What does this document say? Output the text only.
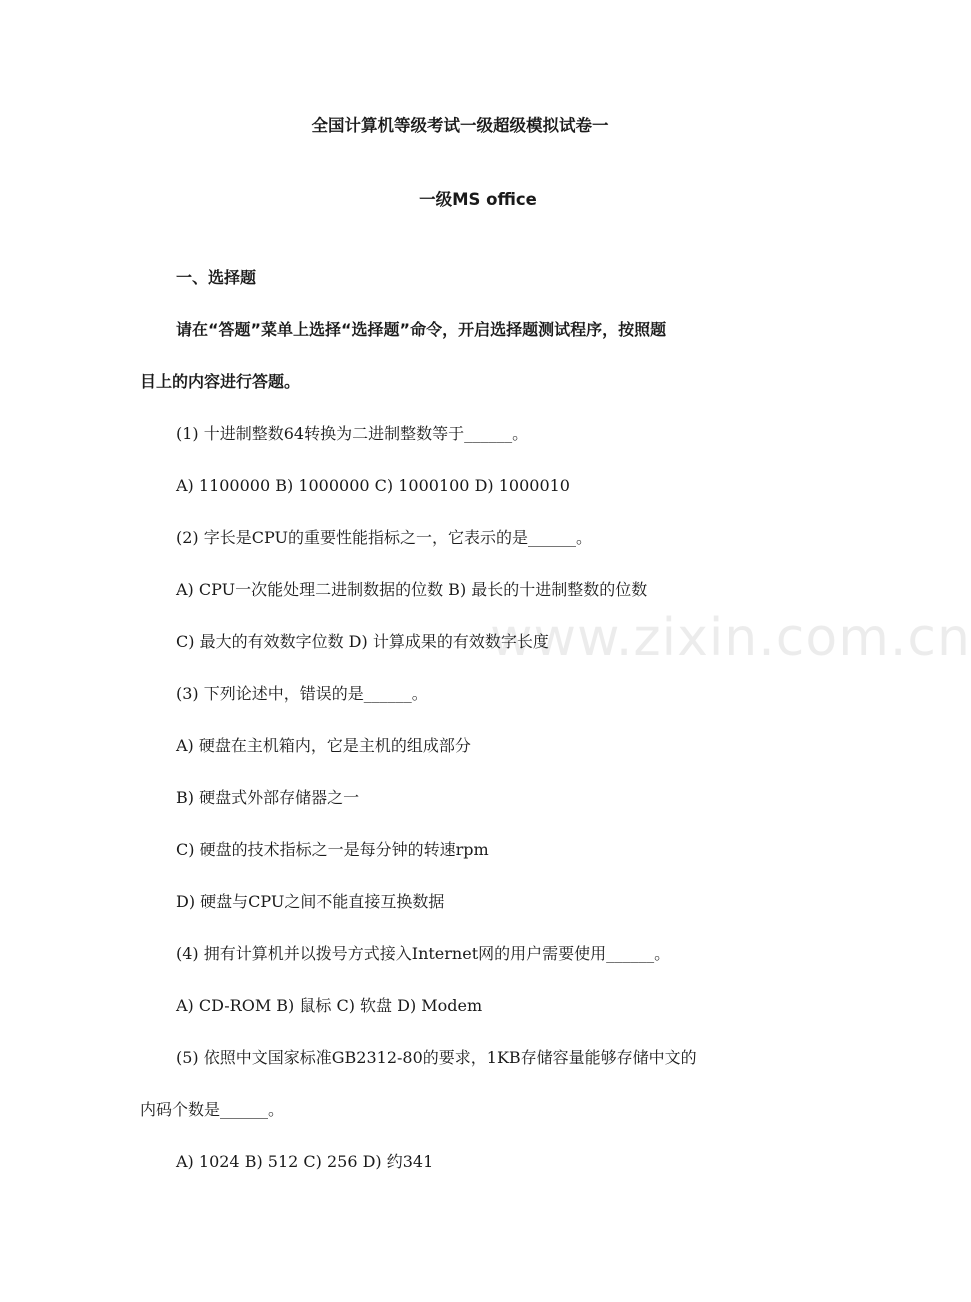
www.zixin.com.cn
全国计算机等级考试一级超级模拟试卷一
一级MS office
一、选择题
请在“答题”菜单上选择“选择题”命令，开启选择题测试程序，按照题
目上的内容进行答题。
(1) 十进制整数64转换为二进制整数等于______。
A) 1100000 B) 1000000 C) 1000100 D) 1000010
(2) 字长是CPU的重要性能指标之一，它表示的是______。
A) CPU一次能处理二进制数据的位数 B) 最长的十进制整数的位数
C) 最大的有效数字位数 D) 计算成果的有效数字长度
(3) 下列论述中，错误的是______。
A) 硬盘在主机箱内，它是主机的组成部分
B) 硬盘式外部存储器之一
C) 硬盘的技术指标之一是每分钟的转速rpm
D) 硬盘与CPU之间不能直接互换数据
(4) 拥有计算机并以拨号方式接入Internet网的用户需要使用______。
A) CD-ROM B) 鼠标 C) 软盘 D) Modem
(5) 依照中文国家标准GB2312-80的要求，1KB存储容量能够存储中文的
内码个数是______。
A) 1024 B) 512 C) 256 D) 约341
